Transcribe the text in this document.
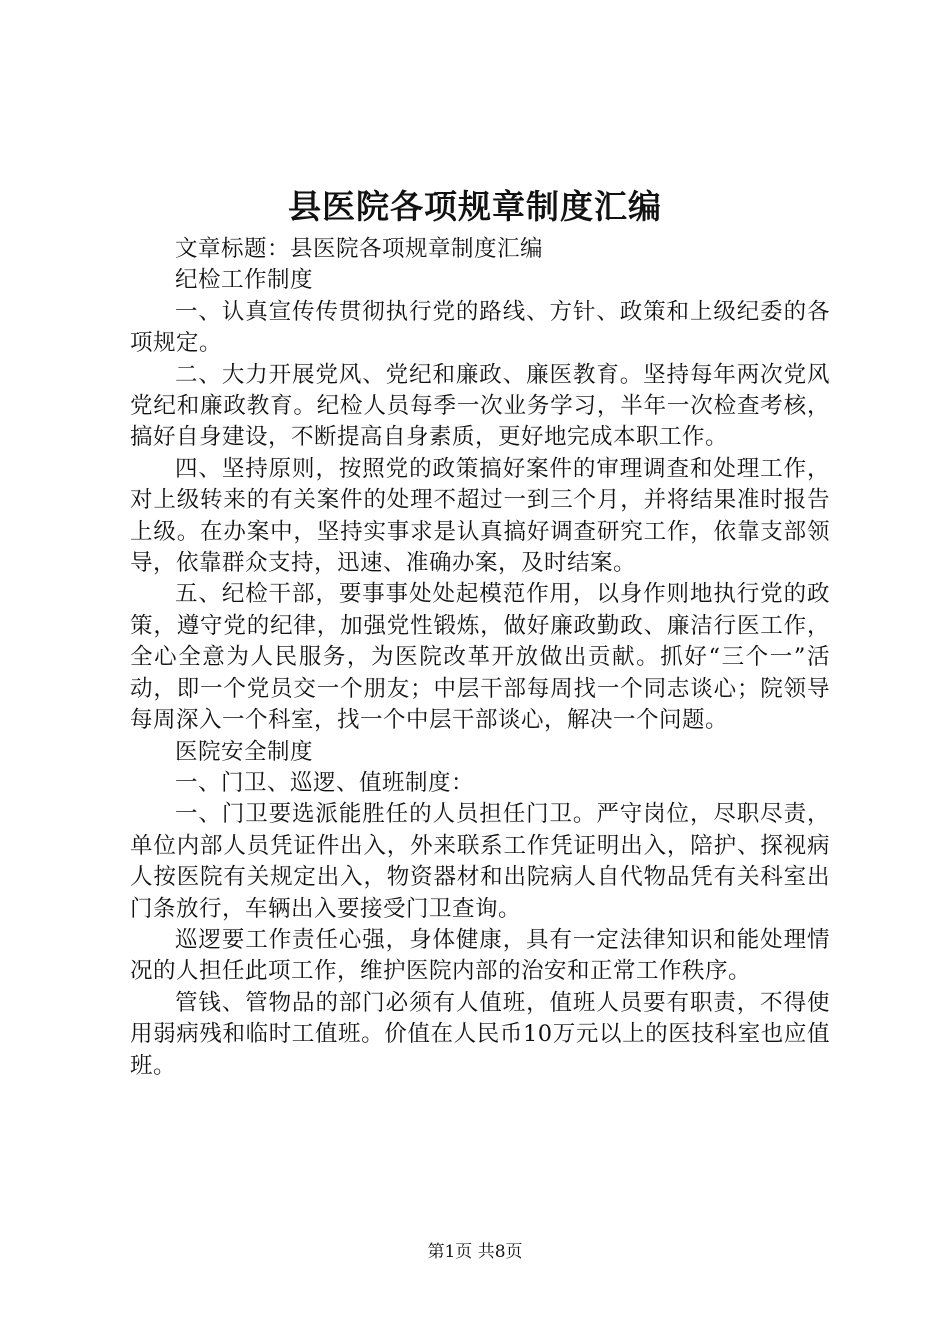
县医院各项规章制度汇编

文章标题：县医院各项规章制度汇编

纪检工作制度

一、认真宣传传贯彻执行党的路线、方针、政策和上级纪委的各项规定。

二、大力开展党风、党纪和廉政、廉医教育。坚持每年两次党风党纪和廉政教育。纪检人员每季一次业务学习，半年一次检查考核，搞好自身建设，不断提高自身素质，更好地完成本职工作。

四、坚持原则，按照党的政策搞好案件的审理调查和处理工作，对上级转来的有关案件的处理不超过一到三个月，并将结果准时报告上级。在办案中，坚持实事求是认真搞好调查研究工作，依靠支部领导，依靠群众支持，迅速、准确办案，及时结案。

五、纪检干部，要事事处处起模范作用，以身作则地执行党的政策，遵守党的纪律，加强党性锻炼，做好廉政勤政、廉洁行医工作，全心全意为人民服务，为医院改革开放做出贡献。抓好“三个一”活动，即一个党员交一个朋友；中层干部每周找一个同志谈心；院领导每周深入一个科室，找一个中层干部谈心，解决一个问题。

医院安全制度

一、门卫、巡逻、值班制度：

一、门卫要选派能胜任的人员担任门卫。严守岗位，尽职尽责，单位内部人员凭证件出入，外来联系工作凭证明出入，陪护、探视病人按医院有关规定出入，物资器材和出院病人自代物品凭有关科室出门条放行，车辆出入要接受门卫查询。

巡逻要工作责任心强，身体健康，具有一定法律知识和能处理情况的人担任此项工作，维护医院内部的治安和正常工作秩序。

管钱、管物品的部门必须有人值班，值班人员要有职责，不得使用弱病残和临时工值班。价值在人民币10万元以上的医技科室也应值班。

第1页 共8页
